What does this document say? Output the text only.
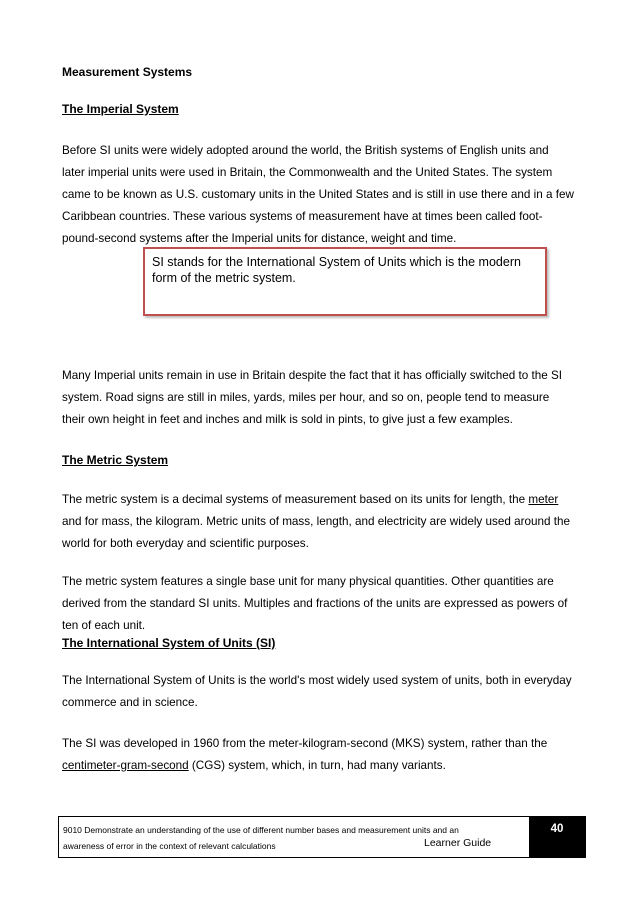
Measurement Systems
The Imperial System
Before SI units were widely adopted around the world, the British systems of English units and
later imperial units were used in Britain, the Commonwealth and the United States. The system
came to be known as U.S. customary units in the United States and is still in use there and in a few
Caribbean countries. These various systems of measurement have at times been called foot-
pound-second systems after the Imperial units for distance, weight and time.
SI stands for the International System of Units which is the modern form of the metric system.
Many Imperial units remain in use in Britain despite the fact that it has officially switched to the SI
system. Road signs are still in miles, yards, miles per hour, and so on, people tend to measure
their own height in feet and inches and milk is sold in pints, to give just a few examples.
The Metric System
The metric system is a decimal systems of measurement based on its units for length, the meter
and for mass, the kilogram. Metric units of mass, length, and electricity are widely used around the
world for both everyday and scientific purposes.
The metric system features a single base unit for many physical quantities. Other quantities are
derived from the standard SI units. Multiples and fractions of the units are expressed as powers of
ten of each unit.
The International System of Units (SI)
The International System of Units is the world's most widely used system of units, both in everyday
commerce and in science.
The SI was developed in 1960 from the meter-kilogram-second (MKS) system, rather than the
centimeter-gram-second (CGS) system, which, in turn, had many variants.
9010 Demonstrate an understanding of the use of different number bases and measurement units and an
awareness of error in the context of relevant calculations	Learner Guide
40
